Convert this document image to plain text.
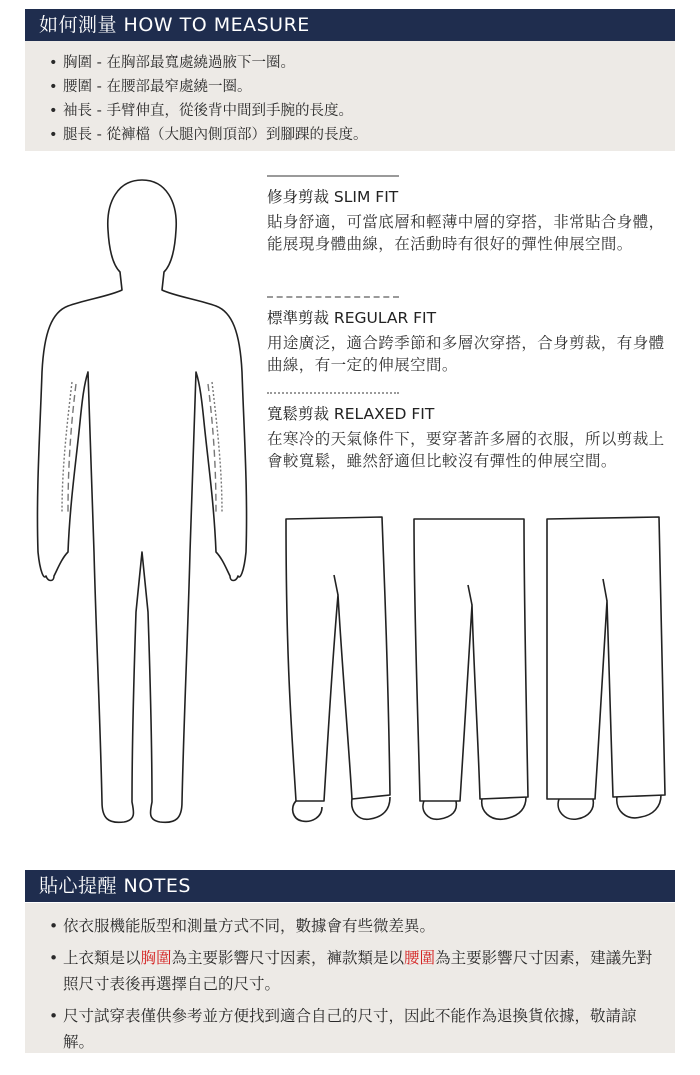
如何測量 HOW TO MEASURE
• 胸圍 - 在胸部最寬處繞過腋下一圈。
• 腰圍 - 在腰部最窄處繞一圈。
• 袖長 - 手臂伸直，從後背中間到手腕的長度。
• 腿長 - 從褲檔（大腿內側頂部）到腳踝的長度。
修身剪裁 SLIM FIT
貼身舒適，可當底層和輕薄中層的穿搭，非常貼合身體，能展現身體曲線，在活動時有很好的彈性伸展空間。
標準剪裁 REGULAR FIT
用途廣泛，適合跨季節和多層次穿搭，合身剪裁，有身體曲線，有一定的伸展空間。
寬鬆剪裁 RELAXED FIT
在寒冷的天氣條件下，要穿著許多層的衣服，所以剪裁上會較寬鬆，雖然舒適但比較沒有彈性的伸展空間。
貼心提醒 NOTES
• 依衣服機能版型和測量方式不同，數據會有些微差異。
• 上衣類是以胸圍為主要影響尺寸因素，褲款類是以腰圍為主要影響尺寸因素，建議先對照尺寸表後再選擇自己的尺寸。
• 尺寸試穿表僅供參考並方便找到適合自己的尺寸，因此不能作為退換貨依據，敬請諒解。
